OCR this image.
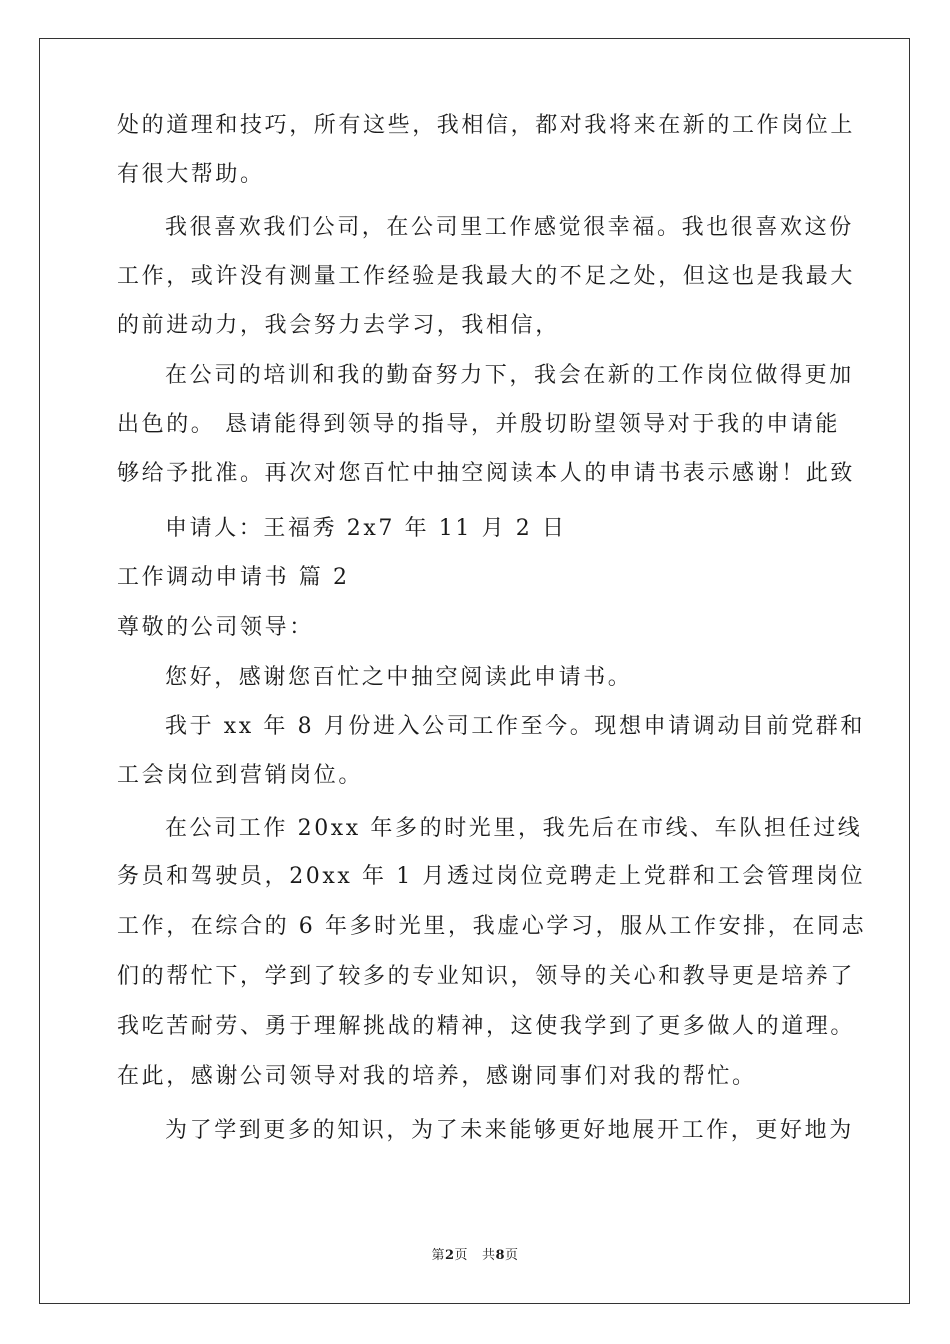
处的道理和技巧，所有这些，我相信，都对我将来在新的工作岗位上
有很大帮助。
我很喜欢我们公司，在公司里工作感觉很幸福。我也很喜欢这份
工作，或许没有测量工作经验是我最大的不足之处，但这也是我最大
的前进动力，我会努力去学习，我相信，
在公司的培训和我的勤奋努力下，我会在新的工作岗位做得更加
出色的。 恳请能得到领导的指导，并殷切盼望领导对于我的申请能
够给予批准。再次对您百忙中抽空阅读本人的申请书表示感谢！此致
申请人：王福秀 2x7 年 11 月 2 日
工作调动申请书 篇 2
尊敬的公司领导：
您好，感谢您百忙之中抽空阅读此申请书。
我于 xx 年 8 月份进入公司工作至今。现想申请调动目前党群和
工会岗位到营销岗位。
在公司工作 20xx 年多的时光里，我先后在市线、车队担任过线
务员和驾驶员，20xx 年 1 月透过岗位竞聘走上党群和工会管理岗位
工作，在综合的 6 年多时光里，我虚心学习，服从工作安排，在同志
们的帮忙下，学到了较多的专业知识，领导的关心和教导更是培养了
我吃苦耐劳、勇于理解挑战的精神，这使我学到了更多做人的道理。
在此，感谢公司领导对我的培养，感谢同事们对我的帮忙。
为了学到更多的知识，为了未来能够更好地展开工作，更好地为
第2页 共8页
